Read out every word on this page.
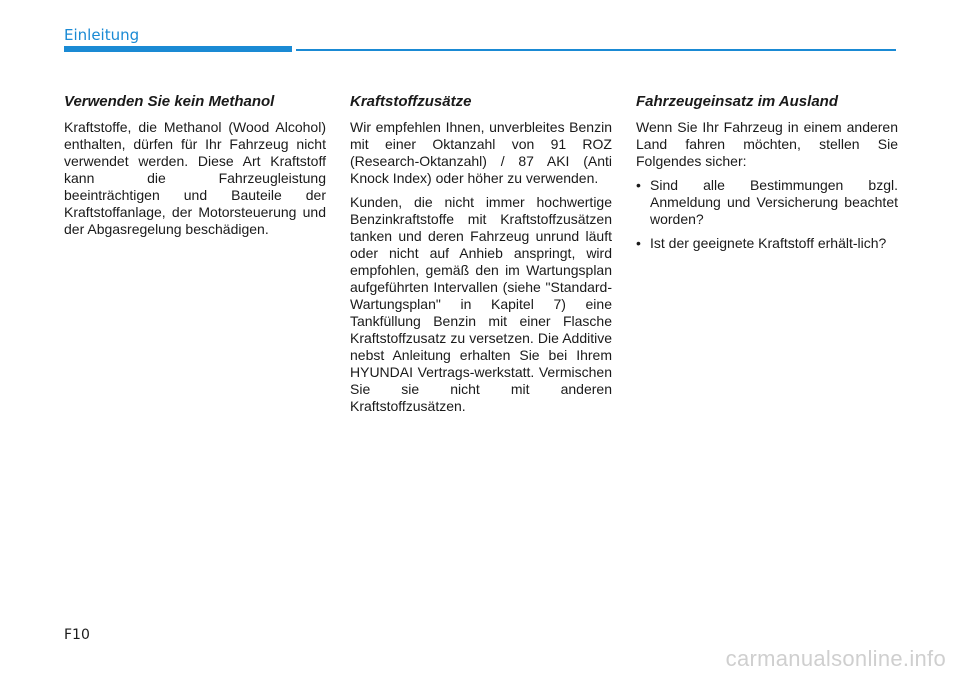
Einleitung
Verwenden Sie kein Methanol

Kraftstoffe, die Methanol (Wood Alcohol) enthalten, dürfen für Ihr Fahrzeug nicht verwendet werden. Diese Art Kraftstoff kann die Fahrzeugleistung beeinträchtigen und Bauteile der Kraftstoffanlage, der Motorsteuerung und der Abgasregelung beschädigen.

Kraftstoffzusätze

Wir empfehlen Ihnen, unverbleites Benzin mit einer Oktanzahl von 91 ROZ (Research-Oktanzahl) / 87 AKI (Anti Knock Index) oder höher zu verwenden.

Kunden, die nicht immer hochwertige Benzinkraftstoffe mit Kraftstoffzusätzen tanken und deren Fahrzeug unrund läuft oder nicht auf Anhieb anspringt, wird empfohlen, gemäß den im Wartungsplan aufgeführten Intervallen (siehe "Standard-Wartungsplan" in Kapitel 7) eine Tankfüllung Benzin mit einer Flasche Kraftstoffzusatz zu versetzen. Die Additive nebst Anleitung erhalten Sie bei Ihrem HYUNDAI Vertrags-werkstatt. Vermischen Sie sie nicht mit anderen Kraftstoffzusätzen.

Fahrzeugeinsatz im Ausland

Wenn Sie Ihr Fahrzeug in einem anderen Land fahren möchten, stellen Sie Folgendes sicher:

• Sind alle Bestimmungen bzgl. Anmeldung und Versicherung beachtet worden?
• Ist der geeignete Kraftstoff erhält-lich?
F10
carmanualsonline.info
